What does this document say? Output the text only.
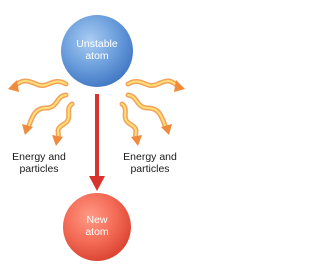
Unstable
atom
New
atom
Energy and
particles
Energy and
particles
